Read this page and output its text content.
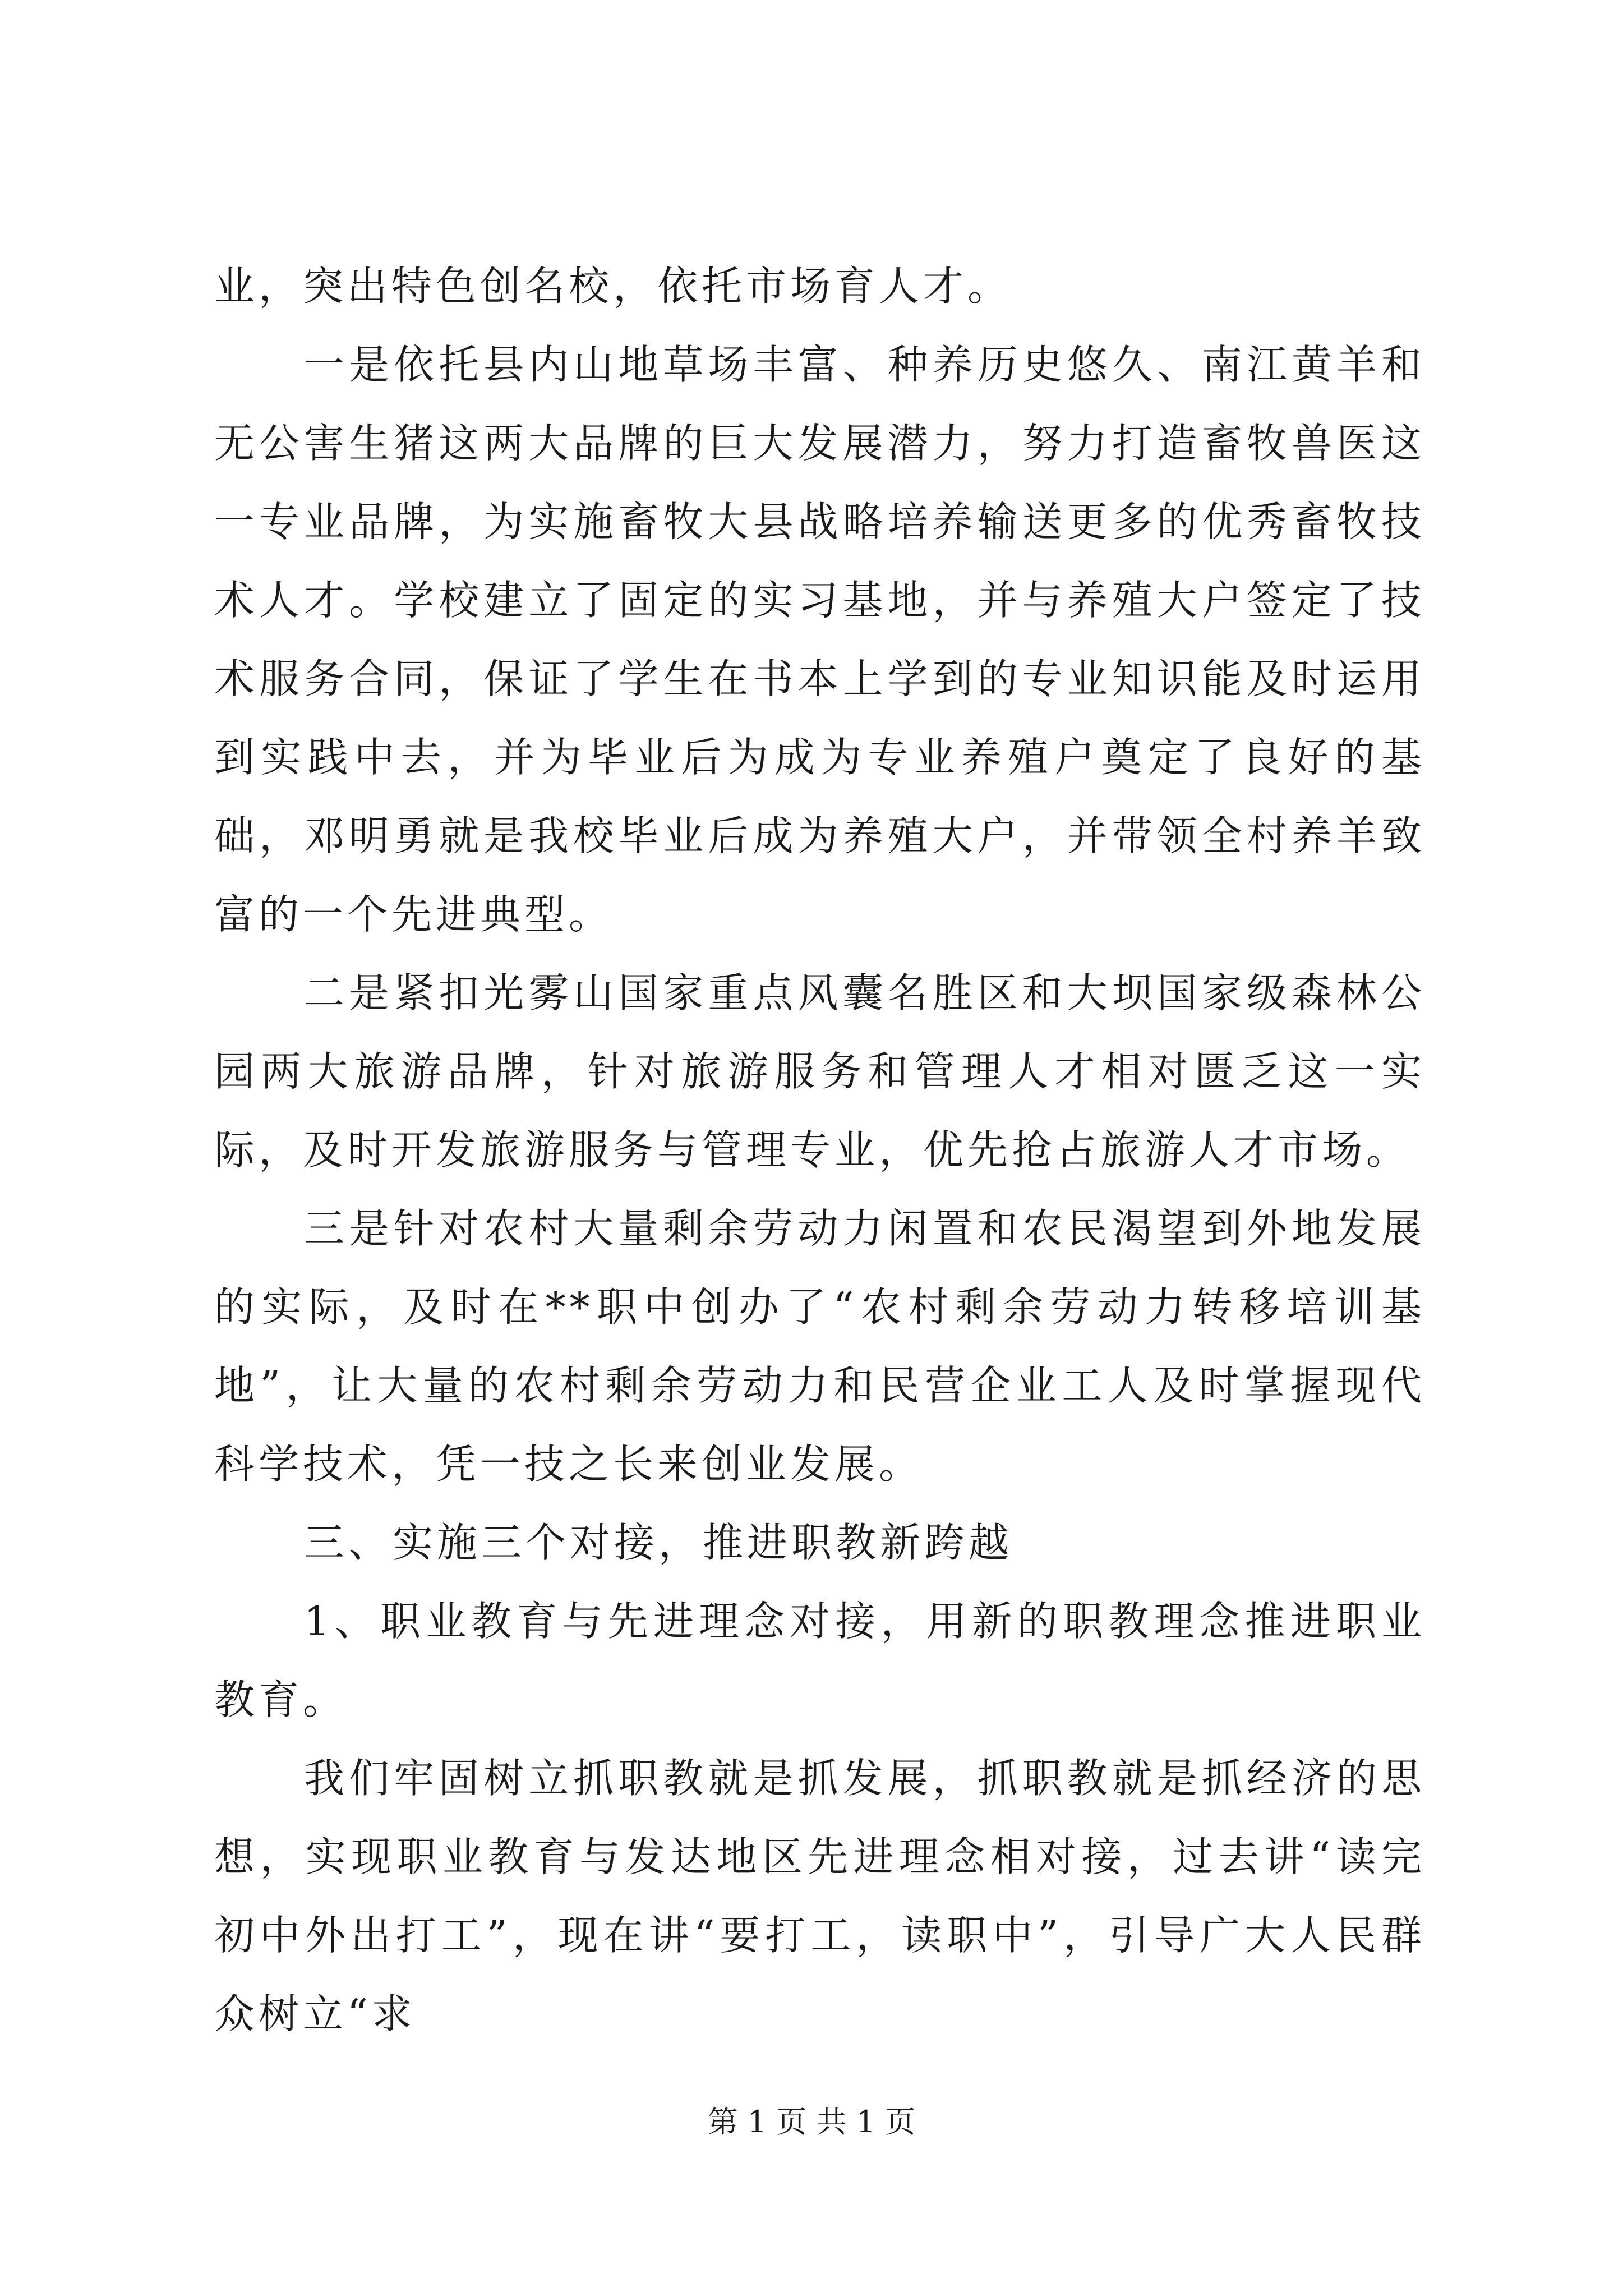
业，突出特色创名校，依托市场育人才。

一是依托县内山地草场丰富、种养历史悠久、南江黄羊和无公害生猪这两大品牌的巨大发展潜力，努力打造畜牧兽医这一专业品牌，为实施畜牧大县战略培养输送更多的优秀畜牧技术人才。学校建立了固定的实习基地，并与养殖大户签定了技术服务合同，保证了学生在书本上学到的专业知识能及时运用到实践中去，并为毕业后为成为专业养殖户奠定了良好的基础，邓明勇就是我校毕业后成为养殖大户，并带领全村养羊致富的一个先进典型。

二是紧扣光雾山国家重点风囊名胜区和大坝国家级森林公园两大旅游品牌，针对旅游服务和管理人才相对匮乏这一实际，及时开发旅游服务与管理专业，优先抢占旅游人才市场。

三是针对农村大量剩余劳动力闲置和农民渴望到外地发展的实际，及时在**职中创办了“农村剩余劳动力转移培训基地”，让大量的农村剩余劳动力和民营企业工人及时掌握现代科学技术，凭一技之长来创业发展。

三、实施三个对接，推进职教新跨越

1、职业教育与先进理念对接，用新的职教理念推进职业教育。

我们牢固树立抓职教就是抓发展，抓职教就是抓经济的思想，实现职业教育与发达地区先进理念相对接，过去讲“读完初中外出打工”，现在讲“要打工，读职中”，引导广大人民群众树立“求

第 1 页 共 1 页
